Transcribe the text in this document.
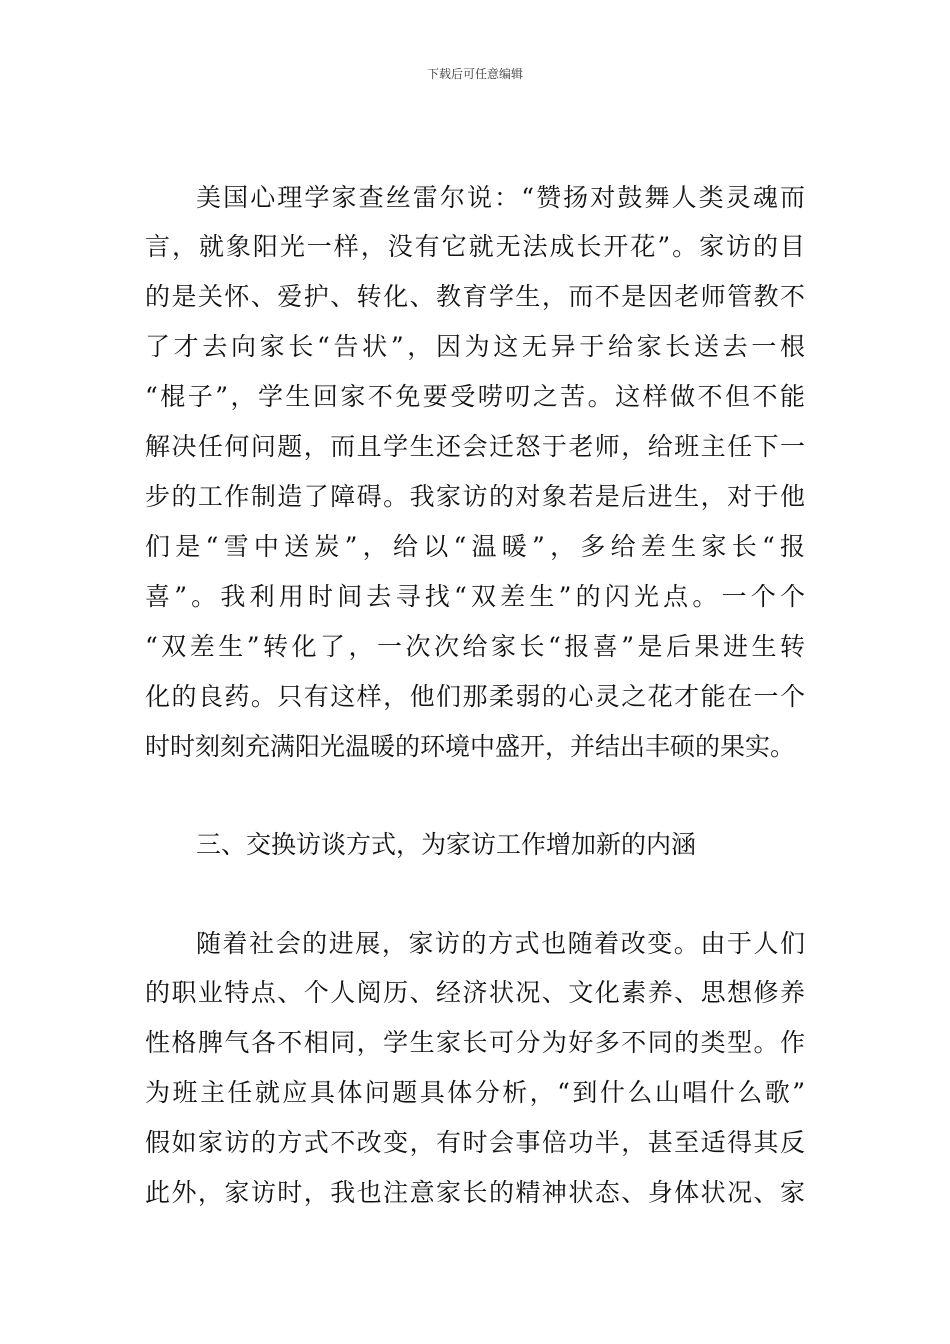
下载后可任意编辑
美国心理学家查丝雷尔说：“赞扬对鼓舞人类灵魂而
言，就象阳光一样，没有它就无法成长开花”。家访的目
的是关怀、爱护、转化、教育学生，而不是因老师管教不
了才去向家长“告状”，因为这无异于给家长送去一根
“棍子”，学生回家不免要受唠叨之苦。这样做不但不能
解决任何问题，而且学生还会迁怒于老师，给班主任下一
步的工作制造了障碍。我家访的对象若是后进生，对于他
们是“雪中送炭”，给以“温暖”，多给差生家长“报
喜”。我利用时间去寻找“双差生”的闪光点。一个个
“双差生”转化了，一次次给家长“报喜”是后果进生转
化的良药。只有这样，他们那柔弱的心灵之花才能在一个
时时刻刻充满阳光温暖的环境中盛开，并结出丰硕的果实。
三、交换访谈方式，为家访工作增加新的内涵
随着社会的进展，家访的方式也随着改变。由于人们
的职业特点、个人阅历、经济状况、文化素养、思想修养
性格脾气各不相同，学生家长可分为好多不同的类型。作
为班主任就应具体问题具体分析，“到什么山唱什么歌”
假如家访的方式不改变，有时会事倍功半，甚至适得其反
此外，家访时，我也注意家长的精神状态、身体状况、家
